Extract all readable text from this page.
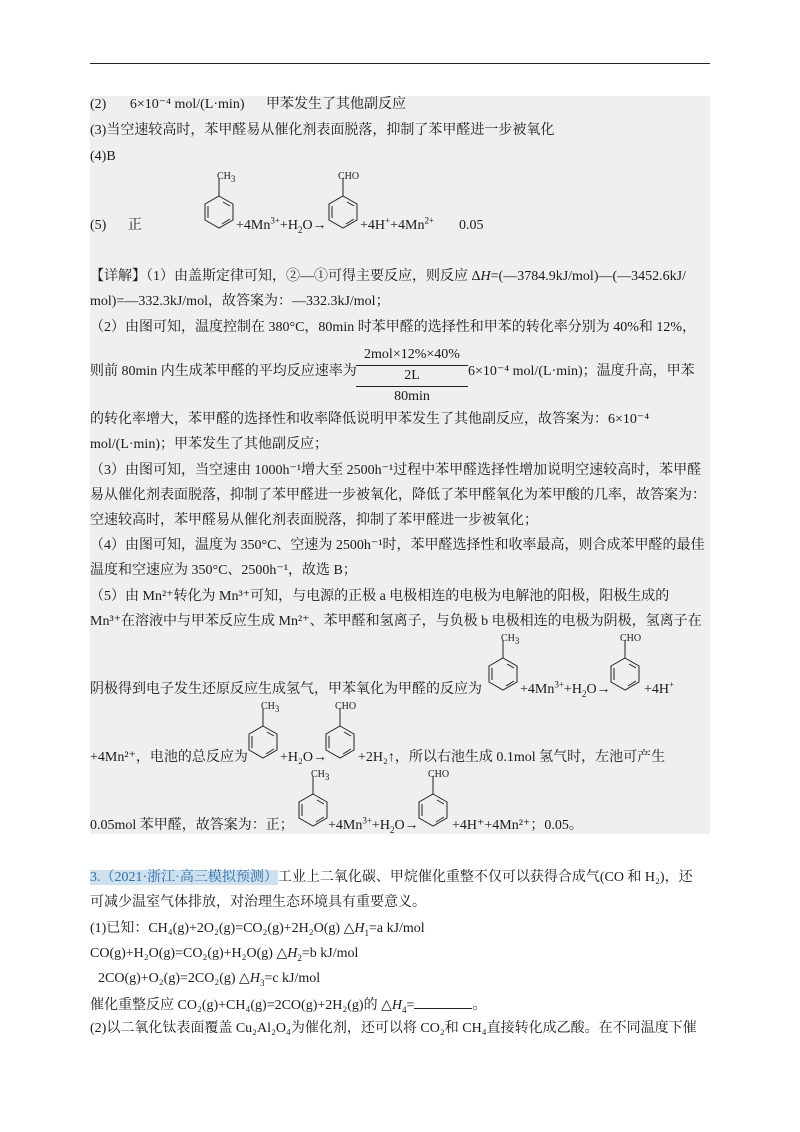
(2) 6×10⁻⁴ mol/(L·min) 甲苯发生了其他副反应
(3)当空速较高时，苯甲醛易从催化剂表面脱落，抑制了苯甲醛进一步被氧化
(4)B
(5) 正
$CH_3$
$+4Mn^{3+}+H_2O\to$
CHO
$+4H^++4Mn^{2+}$ 0.05
【详解】（1）由盖斯定律可知，②—①可得主要反应，则反应 ΔH=(—3784.9kJ/mol)—(—3452.6kJ/
mol)=—332.3kJ/mol，故答案为：—332.3kJ/mol；
（2）由图可知，温度控制在 380°C，80min 时苯甲醛的选择性和甲苯的转化率分别为 40%和 12%，
2mol×12%×40%
2L
80min
则前 80min 内生成苯甲醛的平均反应速率为	6×10⁻⁴ mol/(L·min)；温度升高，甲苯
的转化率增大，苯甲醛的选择性和收率降低说明甲苯发生了其他副反应，故答案为：6×10⁻⁴
mol/(L·min)；甲苯发生了其他副反应；
（3）由图可知，当空速由 1000h⁻¹增大至 2500h⁻¹过程中苯甲醛选择性增加说明空速较高时，苯甲醛
易从催化剂表面脱落，抑制了苯甲醛进一步被氧化，降低了苯甲醛氧化为苯甲酸的几率，故答案为：
空速较高时，苯甲醛易从催化剂表面脱落，抑制了苯甲醛进一步被氧化；
（4）由图可知，温度为 350°C、空速为 2500h⁻¹时，苯甲醛选择性和收率最高，则合成苯甲醛的最佳
温度和空速应为 350°C、2500h⁻¹，故选 B；
（5）由 Mn²⁺转化为 Mn³⁺可知，与电源的正极 a 电极相连的电极为电解池的阳极，阳极生成的
Mn³⁺在溶液中与甲苯反应生成 Mn²⁺、苯甲醛和氢离子，与负极 b 电极相连的电极为阴极，氢离子在
阴极得到电子发生还原反应生成氢气，甲苯氧化为甲醛的反应为
$CH_3$
$+4Mn^{3+}+H_2O\to$
CHO
+4H+
+4Mn²⁺，电池的总反应为
$CH_3$
+H₂O→
CHO
+2H₂↑，所以右池生成 0.1mol 氢气时，左池可产生
0.05mol 苯甲醛，故答案为：正；
$CH_3$
$+4Mn^{3+}+H_2O\to$
CHO
+4H⁺+4Mn²⁺；0.05。
3.（2021·浙江·高三模拟预测）工业上二氧化碳、甲烷催化重整不仅可以获得合成气(CO 和 H₂)，还
可减少温室气体排放，对治理生态环境具有重要意义。
(1)已知：CH₄(g)+2O₂(g)=CO₂(g)+2H₂O(g) $\triangle H_1=a$ kJ/mol
CO(g)+H₂O(g)=CO₂(g)+H₂O(g) $\triangle H_2=b$ kJ/mol
2CO(g)+O₂(g)=2CO₂(g) $\triangle H_3=c$ kJ/mol
催化重整反应 CO₂(g)+CH₄(g)=2CO(g)+2H₂(g)的 $\triangle H_4=$	。
(2)以二氧化钛表面覆盖 Cu₂Al₂O₄为催化剂，还可以将 CO₂和 CH₄直接转化成乙酸。在不同温度下催
